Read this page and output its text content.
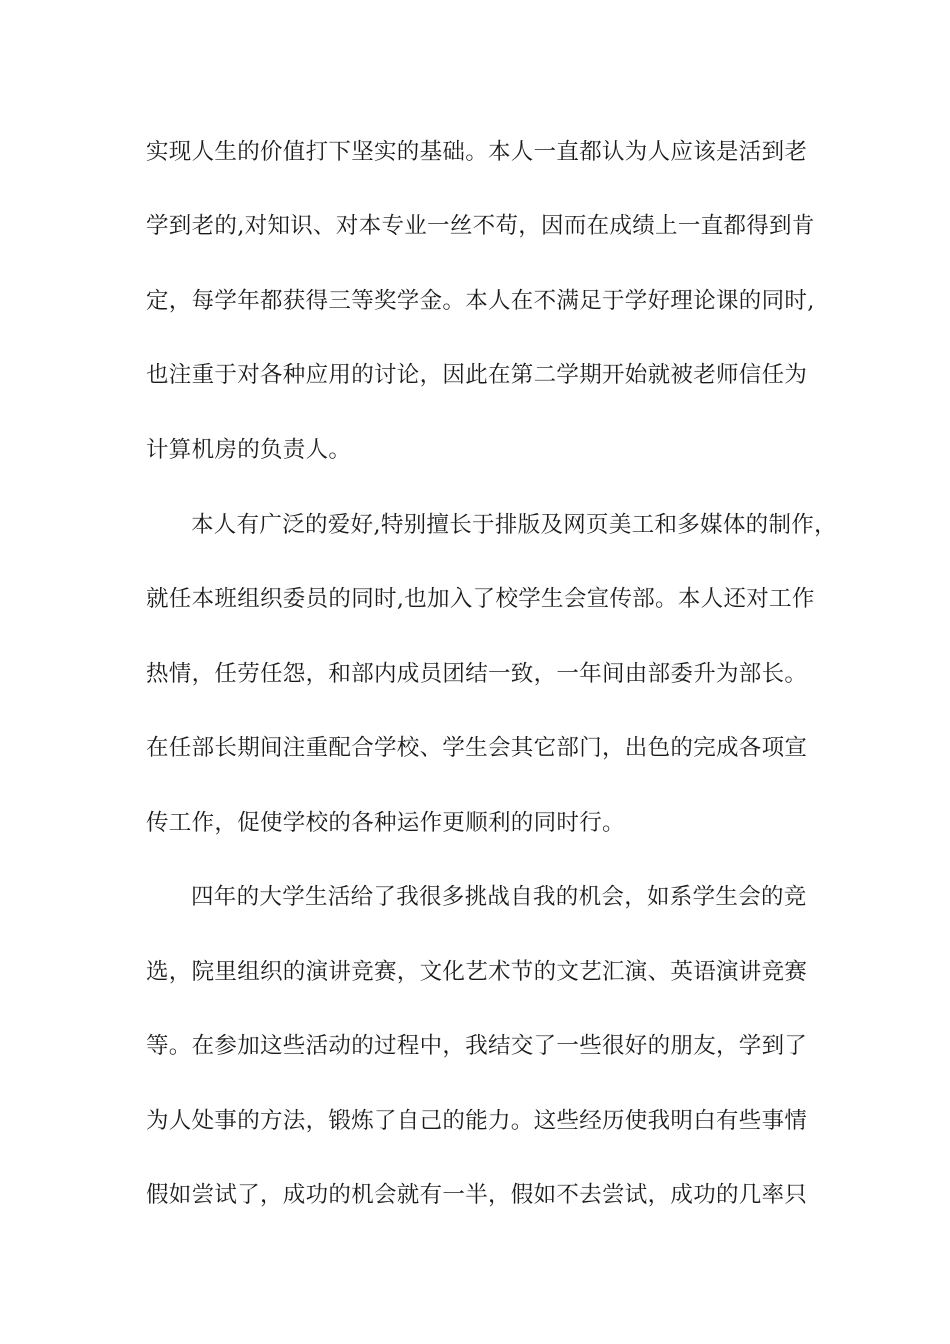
实现人生的价值打下坚实的基础。本人一直都认为人应该是活到老
学到老的,对知识、对本专业一丝不苟，因而在成绩上一直都得到肯
定，每学年都获得三等奖学金。本人在不满足于学好理论课的同时,
也注重于对各种应用的讨论，因此在第二学期开始就被老师信任为
计算机房的负责人。
本人有广泛的爱好,特别擅长于排版及网页美工和多媒体的制作，
就任本班组织委员的同时,也加入了校学生会宣传部。本人还对工作
热情，任劳任怨，和部内成员团结一致，一年间由部委升为部长。
在任部长期间注重配合学校、学生会其它部门，出色的完成各项宣
传工作，促使学校的各种运作更顺利的同时行。
四年的大学生活给了我很多挑战自我的机会，如系学生会的竞
选，院里组织的演讲竞赛，文化艺术节的文艺汇演、英语演讲竞赛
等。在参加这些活动的过程中，我结交了一些很好的朋友，学到了
为人处事的方法，锻炼了自己的能力。这些经历使我明白有些事情
假如尝试了，成功的机会就有一半，假如不去尝试，成功的几率只
